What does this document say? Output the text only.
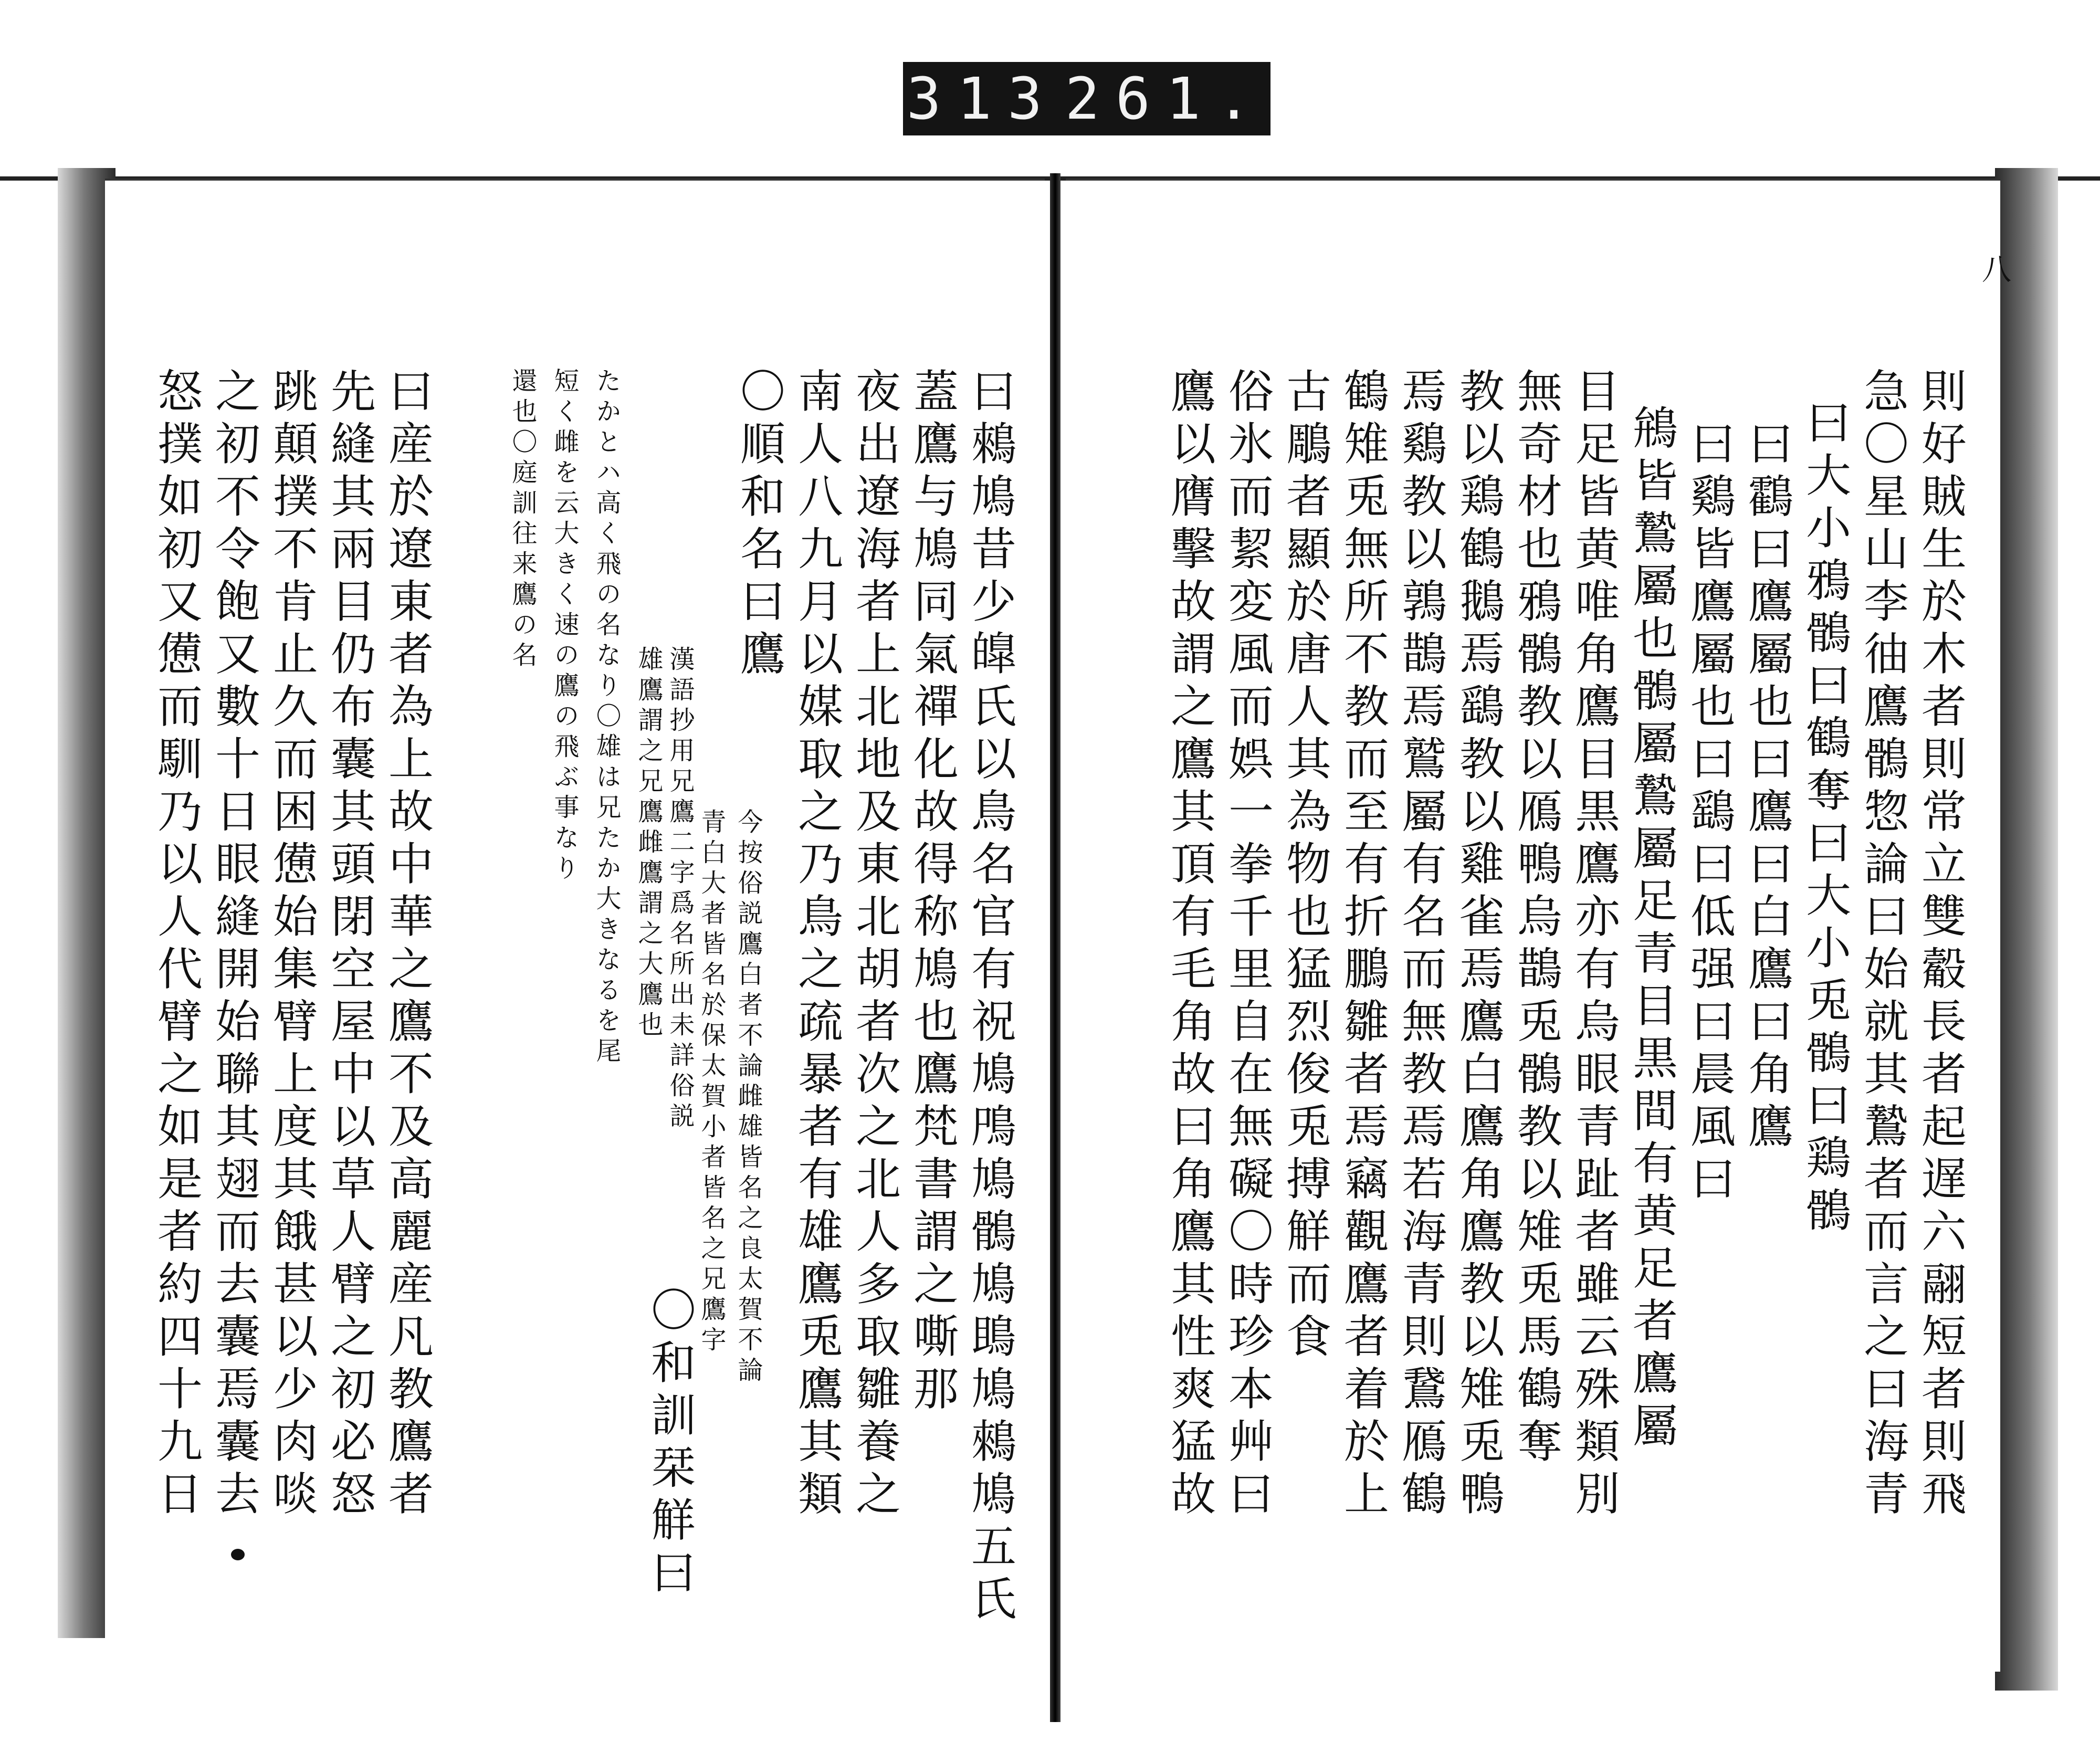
313 261.
八
則好賊生於木者則常立雙觳長者起遅六翮短者則飛
急〇星山李㣙鷹鶻惣論曰始就其鷙者而言之曰海青
曰大小鴉鶻曰鶴奪曰大小兎鶻曰鶏鶻
曰鸖曰鷹屬也曰鷹曰白鷹曰角鷹
曰鷄皆鷹屬也曰鷂曰低强曰晨風曰
鴘皆鷙屬也鶻屬鷙屬足青目黒間有黄足者鷹屬
目足皆黄唯角鷹目黒鷹亦有烏眼青趾者雖云殊類別
無奇材也鴉鶻教以鴈鴨烏鵲兎鶻教以雉兎馬鶴奪
教以鶏鶴鵝焉鷂教以雞雀焉鷹白鷹角鷹教以雉兎鴨
焉鷄教以鶉鵲焉鷲屬有名而無教焉若海青則鵞鴈鶴
鶴雉兎無所不教而至有折鵬雛者焉竊觀鷹者着於上
古鵰者顯於唐人其為物也猛烈俊兎搏觧而食
俗氷而絜変風而娯一拳千里自在無礙〇時珍本艸曰
鷹以膺擊故謂之鷹其頂有毛角故曰角鷹其性爽猛故
曰鶆鳩昔少皥氏以鳥名官有祝鳩鳲鳩鶻鳩鴡鳩鶆鳩五氏
蓋鷹与鳩同氣禪化故得称鳩也鷹梵書謂之嘶那
夜出遼海者上北地及東北胡者次之北人多取雛養之
南人八九月以媒取之乃鳥之疏暴者有雄鷹兎鷹其類
〇順和名曰鷹
今按俗説鷹白者不論雌雄皆名之良太賀不論
青白大者皆名於保太賀小者皆名之兄鷹字
漢語抄用兄鷹二字爲名所出未詳俗説
雄鷹謂之兄鷹雌鷹謂之大鷹也
〇和訓栞觧曰
たかとハ高く飛の名なり〇雄は兄たか大きなるを尾
短く雌を云大きく速の鷹の飛ぶ事なり
還也〇庭訓往来鷹の名
曰産於遼東者為上故中華之鷹不及高麗産凡教鷹者
先縫其兩目仍布囊其頭閉空屋中以草人臂之初必怒
跳顛撲不肯止久而困憊始集臂上度其餓甚以少肉啖
之初不令飽又數十日眼縫開始聯其翅而去囊焉囊去
怒撲如初又憊而馴乃以人代臂之如是者約四十九日
